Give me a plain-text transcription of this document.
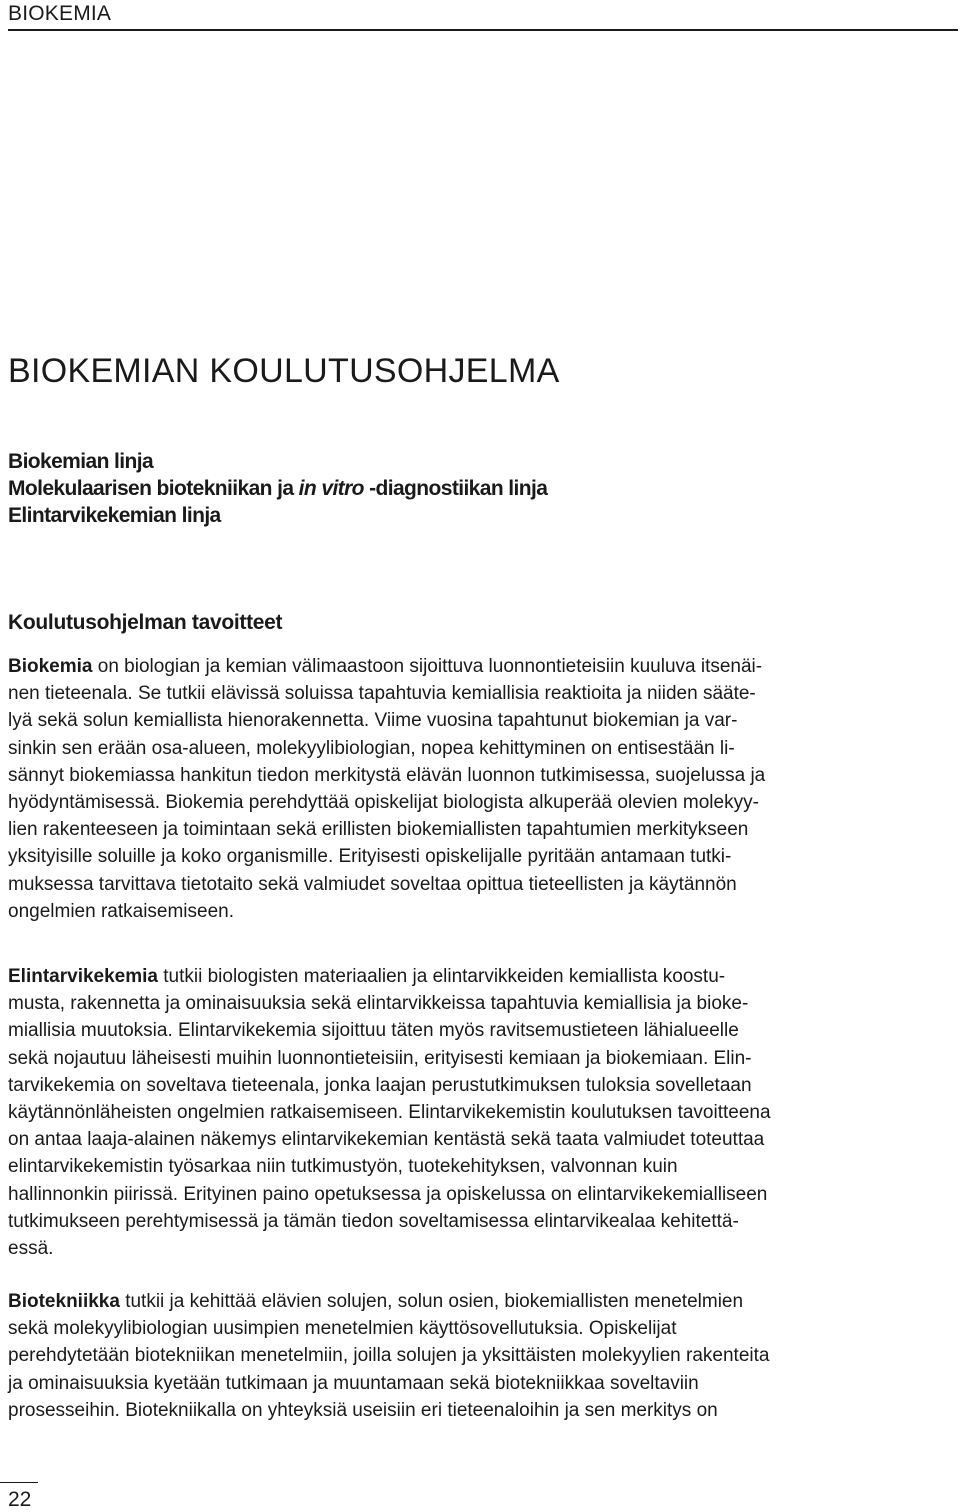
BIOKEMIA
BIOKEMIAN KOULUTUSOHJELMA
Biokemian linja
Molekulaarisen biotekniikan ja in vitro -diagnostiikan linja
Elintarvikekemian linja
Koulutusohjelman tavoitteet
Biokemia on biologian ja kemian välimaastoon sijoittuva luonnontieteisiin kuuluva itsenäi-
nen tieteenala. Se tutkii elävissä soluissa tapahtuvia kemiallisia reaktioita ja niiden sääte-
lyä sekä solun kemiallista hienorakennetta. Viime vuosina tapahtunut biokemian ja var-
sinkin sen erään osa-alueen, molekyylibiologian, nopea kehittyminen on entisestään li-
sännyt biokemiassa hankitun tiedon merkitystä elävän luonnon tutkimisessa, suojelussa ja
hyödyntämisessä. Biokemia perehdyttää opiskelijat biologista alkuperää olevien molekyy-
lien rakenteeseen ja toimintaan sekä erillisten biokemiallisten tapahtumien merkitykseen
yksityisille soluille ja koko organismille. Erityisesti opiskelijalle pyritään antamaan tutki-
muksessa tarvittava tietotaito sekä valmiudet soveltaa opittua tieteellisten ja käytännön
ongelmien ratkaisemiseen.
Elintarvikekemia tutkii biologisten materiaalien ja elintarvikkeiden kemiallista koostu-
musta, rakennetta ja ominaisuuksia sekä elintarvikkeissa tapahtuvia kemiallisia ja bioke-
miallisia muutoksia. Elintarvikekemia sijoittuu täten myös ravitsemustieteen lähialueelle
sekä nojautuu läheisesti muihin luonnontieteisiin, erityisesti kemiaan ja biokemiaan. Elin-
tarvikekemia on soveltava tieteenala, jonka laajan perustutkimuksen tuloksia sovelletaan
käytännönläheisten ongelmien ratkaisemiseen. Elintarvikekemistin koulutuksen tavoitteena
on antaa laaja-alainen näkemys elintarvikekemian kentästä sekä taata valmiudet toteuttaa
elintarvikekemistin työsarkaa niin tutkimustyön, tuotekehityksen, valvonnan kuin
hallinnonkin piirissä. Erityinen paino opetuksessa ja opiskelussa on elintarvikekemialliseen
tutkimukseen perehtymisessä ja tämän tiedon soveltamisessa elintarvikealaa kehitettä-
essä.
Biotekniikka tutkii ja kehittää elävien solujen, solun osien, biokemiallisten menetelmien
sekä molekyylibiologian uusimpien menetelmien käyttösovellutuksia. Opiskelijat
perehdytetään biotekniikan menetelmiin, joilla solujen ja yksittäisten molekyylien rakenteita
ja ominaisuuksia kyetään tutkimaan ja muuntamaan sekä biotekniikkaa soveltaviin
prosesseihin. Biotekniikalla on yhteyksiä useisiin eri tieteenaloihin ja sen merkitys on
22
